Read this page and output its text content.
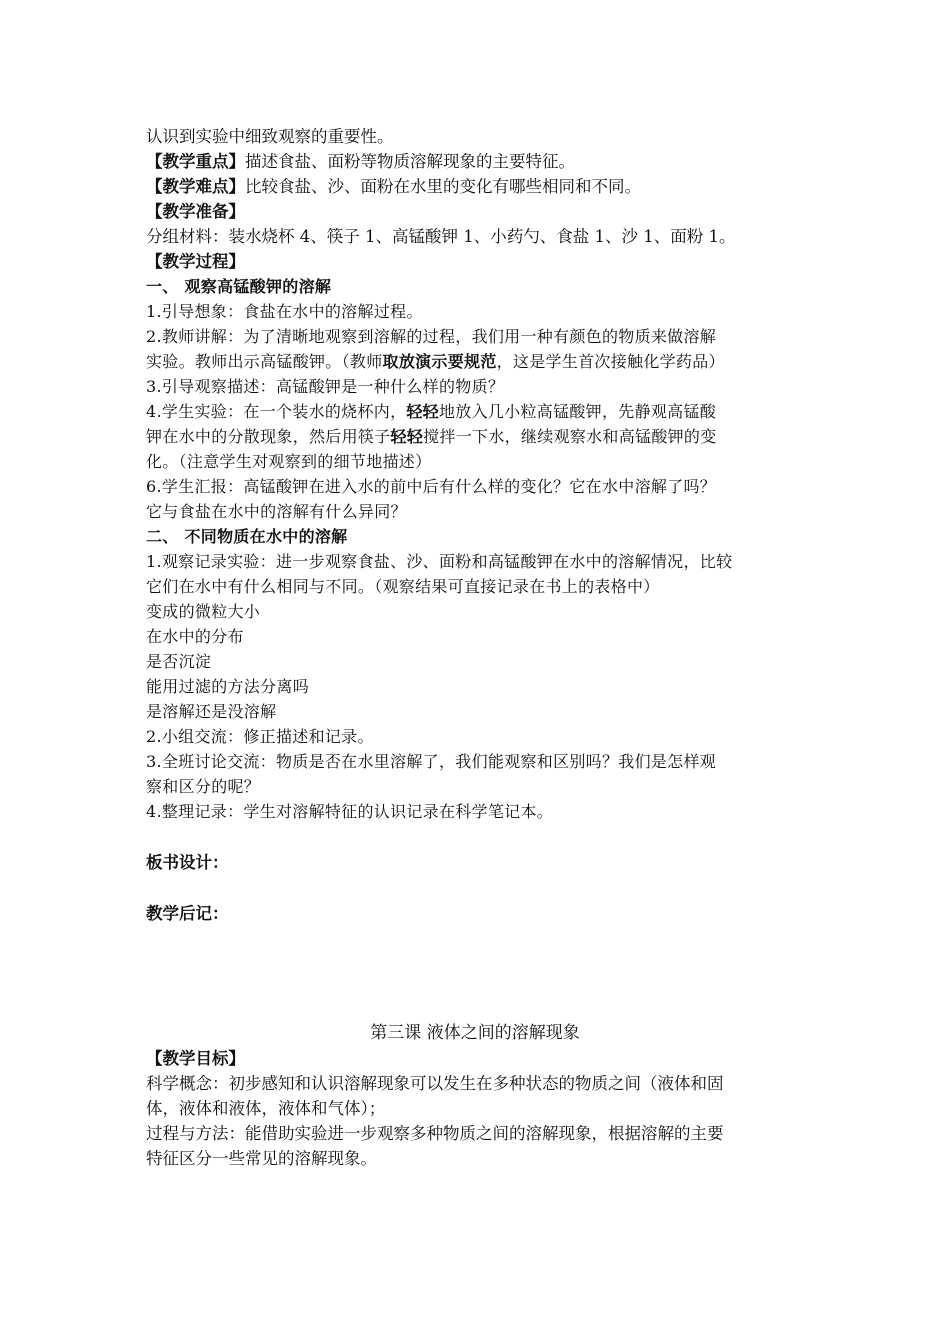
认识到实验中细致观察的重要性。
【教学重点】描述食盐、面粉等物质溶解现象的主要特征。
【教学难点】比较食盐、沙、面粉在水里的变化有哪些相同和不同。
【教学准备】
分组材料：装水烧杯 4、筷子 1、高锰酸钾 1、小药勺、食盐 1、沙 1、面粉 1。
【教学过程】
一、 观察高锰酸钾的溶解
1.引导想象：食盐在水中的溶解过程。
2.教师讲解：为了清晰地观察到溶解的过程，我们用一种有颜色的物质来做溶解
实验。教师出示高锰酸钾。（教师取放演示要规范，这是学生首次接触化学药品）
3.引导观察描述：高锰酸钾是一种什么样的物质？
4.学生实验：在一个装水的烧杯内，轻轻地放入几小粒高锰酸钾，先静观高锰酸
钾在水中的分散现象，然后用筷子轻轻搅拌一下水，继续观察水和高锰酸钾的变
化。（注意学生对观察到的细节地描述）
6.学生汇报：高锰酸钾在进入水的前中后有什么样的变化？它在水中溶解了吗？
它与食盐在水中的溶解有什么异同？
二、 不同物质在水中的溶解
1.观察记录实验：进一步观察食盐、沙、面粉和高锰酸钾在水中的溶解情况，比较
它们在水中有什么相同与不同。（观察结果可直接记录在书上的表格中）
变成的微粒大小
在水中的分布
是否沉淀
能用过滤的方法分离吗
是溶解还是没溶解
2.小组交流：修正描述和记录。
3.全班讨论交流：物质是否在水里溶解了，我们能观察和区别吗？我们是怎样观
察和区分的呢？
4.整理记录：学生对溶解特征的认识记录在科学笔记本。
板书设计：
教学后记：
第三课 液体之间的溶解现象
【教学目标】
科学概念：初步感知和认识溶解现象可以发生在多种状态的物质之间（液体和固
体，液体和液体，液体和气体）；
过程与方法：能借助实验进一步观察多种物质之间的溶解现象，根据溶解的主要
特征区分一些常见的溶解现象。
